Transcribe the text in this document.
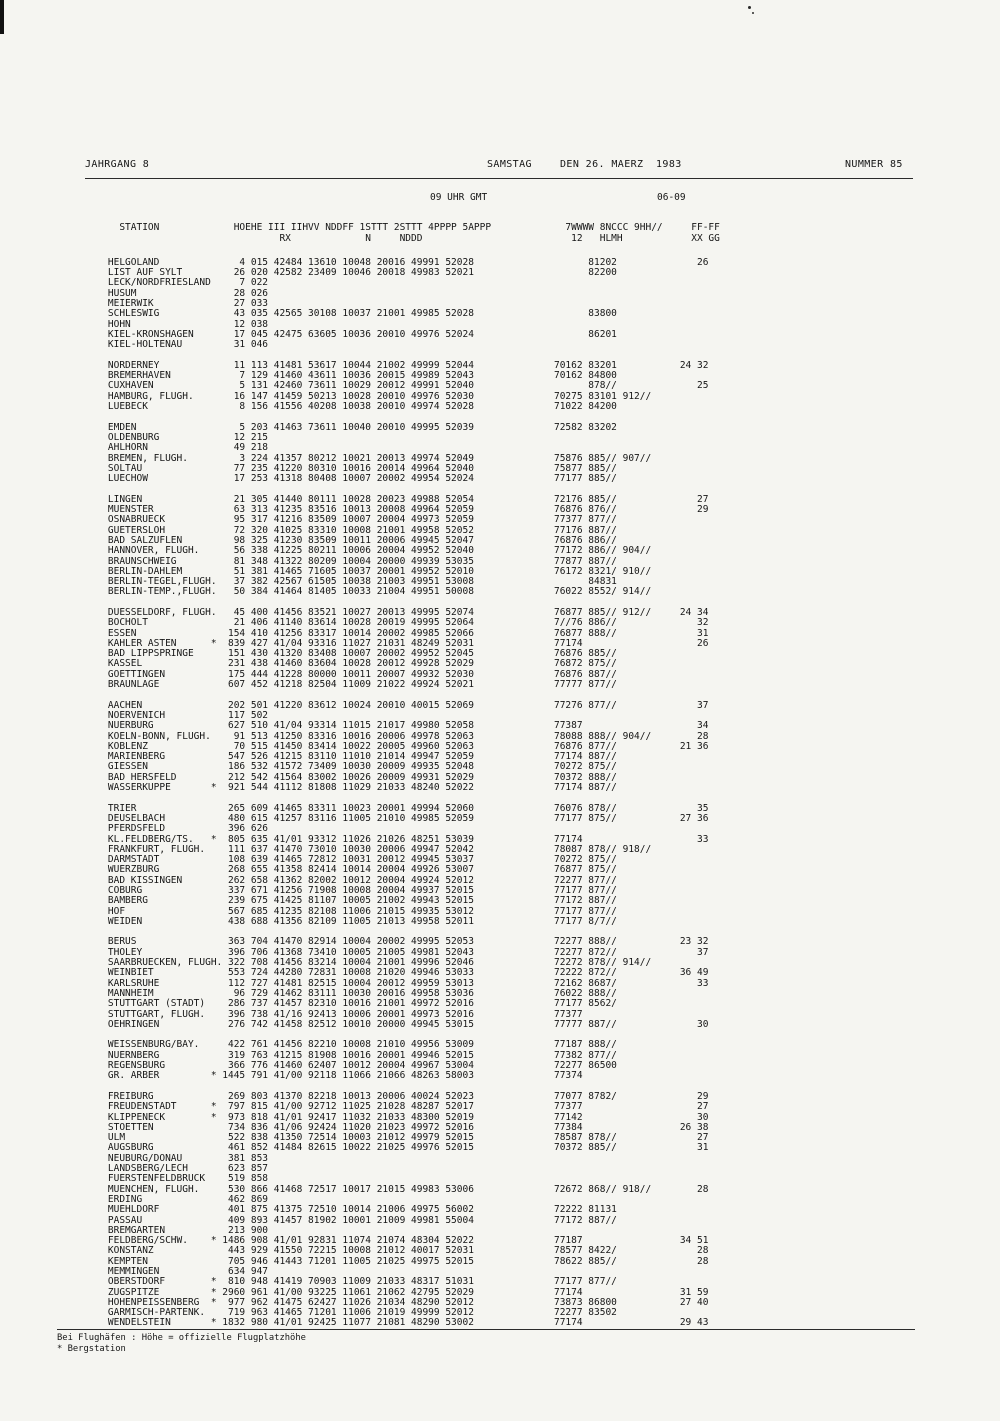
JAHRGANG 8	SAMSTAG	DEN 26. MAERZ 1983	NUMMER 85
09 UHR GMT	06-09

STATION	HOEHE III IIHVV NDDFF 1STTT 2STTT 4PPPP 5APPP	7WWWW 8NCCC 9HH//	FF-FF

RX             N     NDDD	12   HLMH	XX GG

HELGOLAND	4 015 42484 13610 10048 20016 49991 52028	81202	26

LIST AUF SYLT	26 020 42582 23409 10046 20018 49983 52021	82200

LECK/NORDFRIESLAND   7 022

HUSUM	28 026

MEIERWIK	27 033

SCHLESWIG	43 035 42565 30108 10037 21001 49985 52028	83800

HOHN	12 038

KIEL-KRONSHAGEN	17 045 42475 63605 10036 20010 49976 52024	86201

KIEL-HOLTENAU	31 046

NORDERNEY	11 113 41481 53617 10044 21002 49999 52044	70162 83201	24 32

BREMERHAVEN	7 129 41460 43611 10036 20015 49989 52043	70162 84800

CUXHAVEN	5 131 42460 73611 10029 20012 49991 52040	878//	25

HAMBURG, FLUGH.	16 147 41459 50213 10028 20010 49976 52030	70275 83101 912//

LUEBECK	8 156 41556 40208 10038 20010 49974 52028	71022 84200

EMDEN	5 203 41463 73611 10040 20010 49995 52039	72582 83202

OLDENBURG	12 215

AHLHORN	49 218

BREMEN, FLUGH.	3 224 41357 80212 10021 20013 49974 52049	75876 885// 907//

SOLTAU	77 235 41220 80310 10016 20014 49964 52040	75877 885//

LUECHOW	17 253 41318 80408 10007 20002 49954 52024	77177 885//

LINGEN	21 305 41440 80111 10028 20023 49988 52054	72176 885//	27

MUENSTER	63 313 41235 83516 10013 20008 49964 52059	76876 876//	29

OSNABRUECK	95 317 41216 83509 10007 20004 49973 52059	77377 877//

GUETERSLOH	72 320 41025 83310 10008 21001 49958 52052	77176 887//

BAD SALZUFLEN	98 325 41230 83509 10011 20006 49945 52047	76876 886//

HANNOVER, FLUGH.  56 338 41225 80211 10006 20004 49952 52040	77172 886// 904//

BRAUNSCHWEIG	81 348 41322 80209 10004 20000 49939 53035	77877 887//

BERLIN-DAHLEM	51 381 41465 71605 10037 20001 49952 52010	76172 8321/ 910//

BERLIN-TEGEL,FLUGH.  37 382 42567 61505 10038 21003 49951 53008	84831

BERLIN-TEMP.,FLUGH.  50 384 41464 81405 10033 21004 49951 50008	76022 8552/ 914//

DUESSELDORF, FLUGH.  45 400 41456 83521 10027 20013 49995 52074	76877 885// 912//	24 34

BOCHOLT	21 406 41140 83614 10028 20019 49995 52064	7//76 886//	32

ESSEN	154 410 41256 83317 10014 20002 49985 52066	76877 888//	31

KAHLER ASTEN	* 839 427 41/04 93316 11027 21031 48249 52031	77174	26

BAD LIPPSPRINGE	151 430 41320 83408 10007 20002 49952 52045	76876 885//

KASSEL	231 438 41460 83604 10028 20012 49928 52029	76872 875//

GOETTINGEN	175 444 41228 80000 10011 20007 49932 52030	76876 887//

BRAUNLAGE	607 452 41218 82504 11009 21022 49924 52021	77777 877//

AACHEN	202 501 41220 83612 10024 20010 40015 52069	77276 877//	37

NOERVENICH	117 502

NUERBURG	627 510 41/04 93314 11015 21017 49980 52058	77387	34

KOELN-BONN, FLUGH.  91 513 41250 83316 10016 20006 49978 52063	78088 888// 904//	28

KOBLENZ	70 515 41450 83414 10022 20005 49960 52063	76876 877//	21 36

MARIENBERG	547 526 41215 83110 11010 21014 49947 52059	77174 887//

GIESSEN	186 532 41572 73409 10030 20009 49935 52048	70272 875//

BAD HERSFELD	212 542 41564 83002 10026 20009 49931 52029	70372 888//

WASSERKUPPE	* 921 544 41112 81808 11029 21033 48240 52022	77174 887//

TRIER	265 609 41465 83311 10023 20001 49994 52060	76076 878//	35

DEUSELBACH	480 615 41257 83116 11005 21010 49985 52059	77177 875//	27 36

PFERDSFELD	396 626

KL.FELDBERG/TS. * 805 635 41/01 93312 11026 21026 48251 53039	77174	33

FRANKFURT, FLUGH. 111 637 41470 73010 10030 20006 49947 52042	78087 878// 918//

DARMSTADT	108 639 41465 72812 10031 20012 49945 53037	70272 875//

WUERZBURG	268 655 41358 82414 10014 20004 49926 53007	76877 875//

BAD KISSINGEN	262 658 41362 82002 10012 20004 49924 52012	72277 877//

COBURG	337 671 41256 71908 10008 20004 49937 52015	77177 877//

BAMBERG	239 675 41425 81107 10005 21002 49943 52015	77172 887//

HOF	567 685 41235 82108 11006 21015 49935 53012	77177 877//

WEIDEN	438 688 41356 82109 11005 21013 49958 52011	77177 8/7//

BERUS	363 704 41470 82914 10004 20002 49995 52053	72277 888//	23 32

THOLEY	396 706 41368 73410 10005 21005 49981 52043	72277 872//	37

SAARBRUECKEN, FLUGH. 322 708 41456 83214 10004 21001 49996 52046	72272 878// 914//

WEINBIET	553 724 44280 72831 10008 21020 49946 53033	72222 872//	36 49

KARLSRUHE	112 727 41481 82515 10004 20012 49959 53013	72162 8687/	33

MANNHEIM	96 729 41462 83111 10030 20016 49958 53036	76022 888//

STUTTGART (STADT) 286 737 41457 82310 10016 21001 49972 52016	77177 8562/

STUTTGART, FLUGH. 396 738 41/16 92413 10006 20001 49973 52016	77377

OEHRINGEN	276 742 41458 82512 10010 20000 49945 53015	77777 887//	30

WEISSENBURG/BAY. 422 761 41456 82210 10008 21010 49956 53009	77187 888//

NUERNBERG	319 763 41215 81908 10016 20001 49946 52015	77382 877//

REGENSBURG	366 776 41460 62407 10012 20004 49967 53004	72277 86500

GR. ARBER	* 1445 791 41/00 92118 11066 21066 48263 58003	77374

FREIBURG	269 803 41370 82218 10013 20006 40024 52023	77077 8782/	29

FREUDENSTADT	* 797 815 41/00 92712 11025 21028 48287 52017	77377	27

KLIPPENECK	* 973 818 41/01 92417 11032 21033 48300 52019	77142	30

STOETTEN	734 836 41/06 92424 11020 21023 49972 52016	77384	26 38

ULM	522 838 41350 72514 10003 21012 49979 52015	78587 878//	27

AUGSBURG	461 852 41484 82615 10022 21025 49976 52015	70372 885//	31

NEUBURG/DONAU	381 853

LANDSBERG/LECH	623 857

FUERSTENFELDBRUCK 519 858

MUENCHEN, FLUGH. 530 866 41468 72517 10017 21015 49983 53006	72672 868// 918//	28

ERDING	462 869

MUEHLDORF	401 875 41375 72510 10014 21006 49975 56002	72222 81131

PASSAU	409 893 41457 81902 10001 21009 49981 55004	77172 887//

BREMGARTEN	213 900

FELDBERG/SCHW. * 1486 908 41/01 92831 11074 21074 48304 52022	77187	34 51

KONSTANZ	443 929 41550 72215 10008 21012 40017 52031	78577 8422/	28

KEMPTEN	705 946 41443 71201 11005 21025 49975 52015	78622 885//	28

MEMMINGEN	634 947

OBERSTDORF	* 810 948 41419 70903 11009 21033 48317 51031	77177 877//

ZUGSPITZE	* 2960 961 41/00 93225 11061 21062 42795 52029	77174	31 59

HOHENPEISSENBERG * 977 962 41475 62427 11026 21034 48290 52012	73873 86800	27 40

GARMISCH-PARTENK. 719 963 41465 71201 11006 21019 49999 52012	72277 83502

WENDELSTEIN	* 1832 980 41/01 92425 11077 21081 48290 53002	77174	29 43

Bei Flughäfen : Höhe = offizielle Flugplatzhöhe
* Bergstation
